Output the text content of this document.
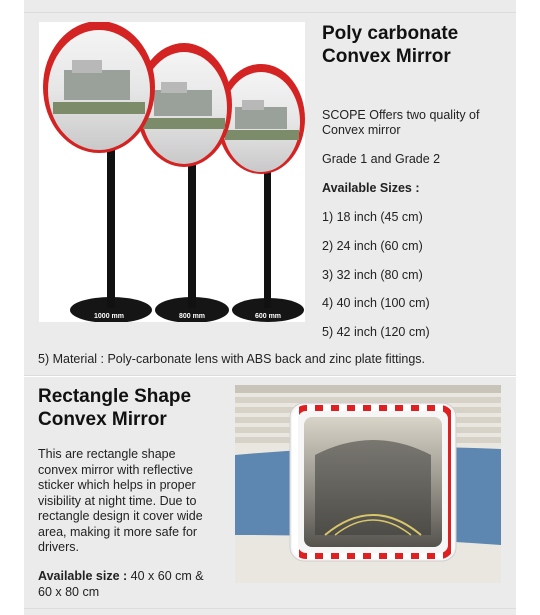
1000 mm	800 mm	600 mm
Poly carbonate Convex Mirror

SCOPE Offers two quality of Convex mirror

Grade 1 and Grade 2

Available Sizes :

1) 18 inch (45 cm)

2) 24 inch (60 cm)

3) 32 inch (80 cm)

4) 40 inch (100 cm)

5) 42 inch (120 cm)

5) Material : Poly-carbonate lens with ABS back and zinc plate fittings.

Rectangle Shape Convex Mirror

This are rectangle shape convex mirror with reflective sticker which helps in proper visibility at night time. Due to rectangle design it cover wide area, making it more safe for drivers.

Available size : 40 x 60 cm & 60 x 80 cm
